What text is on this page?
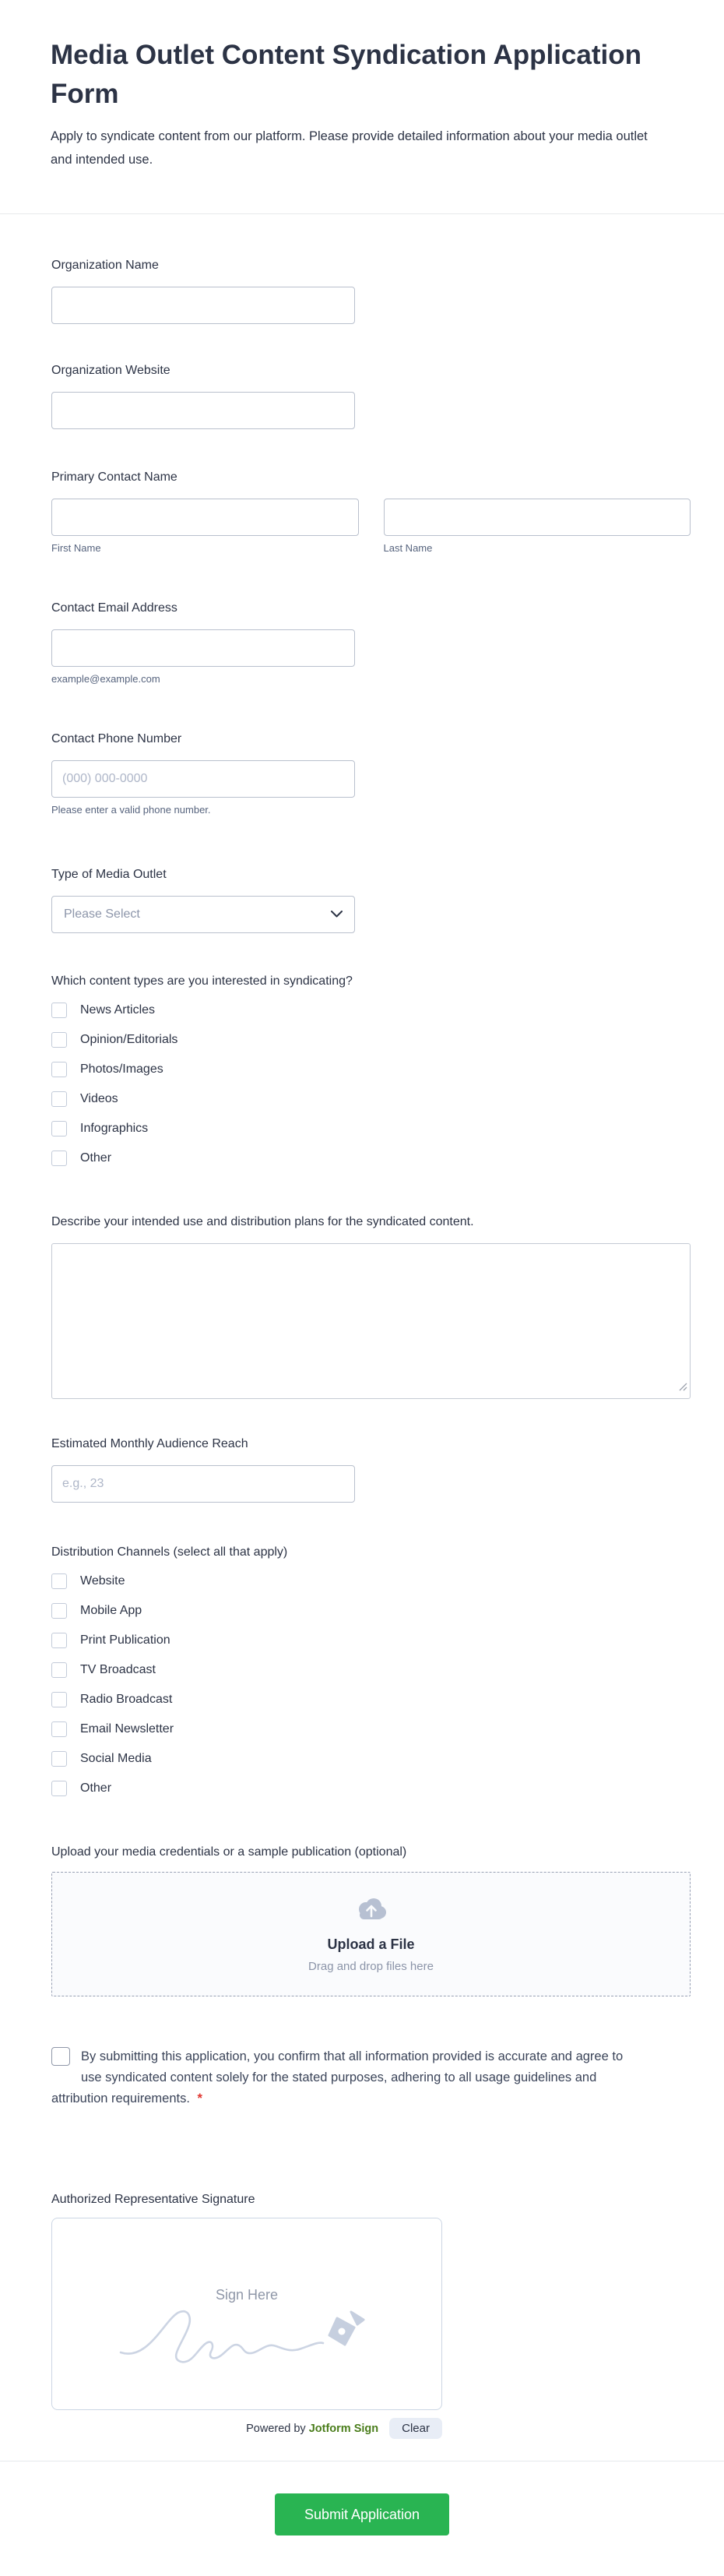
Media Outlet Content Syndication Application Form

Apply to syndicate content from our platform. Please provide detailed information about your media outlet and intended use.

Organization Name
Organization Website
Primary Contact Name
First Name	Last Name
Contact Email Address
example@example.com
Contact Phone Number
(000) 000-0000
Please enter a valid phone number.
Type of Media Outlet
Please Select
Which content types are you interested in syndicating?
News Articles
Opinion/Editorials
Photos/Images
Videos
Infographics
Other
Describe your intended use and distribution plans for the syndicated content.
Estimated Monthly Audience Reach
e.g., 23
Distribution Channels (select all that apply)
Website
Mobile App
Print Publication
TV Broadcast
Radio Broadcast
Email Newsletter
Social Media
Other
Upload your media credentials or a sample publication (optional)
Upload a File
Drag and drop files here
By submitting this application, you confirm that all information provided is accurate and agree to use syndicated content solely for the stated purposes, adhering to all usage guidelines and attribution requirements. *
Authorized Representative Signature
Sign Here
Powered by Jotform Sign	Clear
Submit Application
